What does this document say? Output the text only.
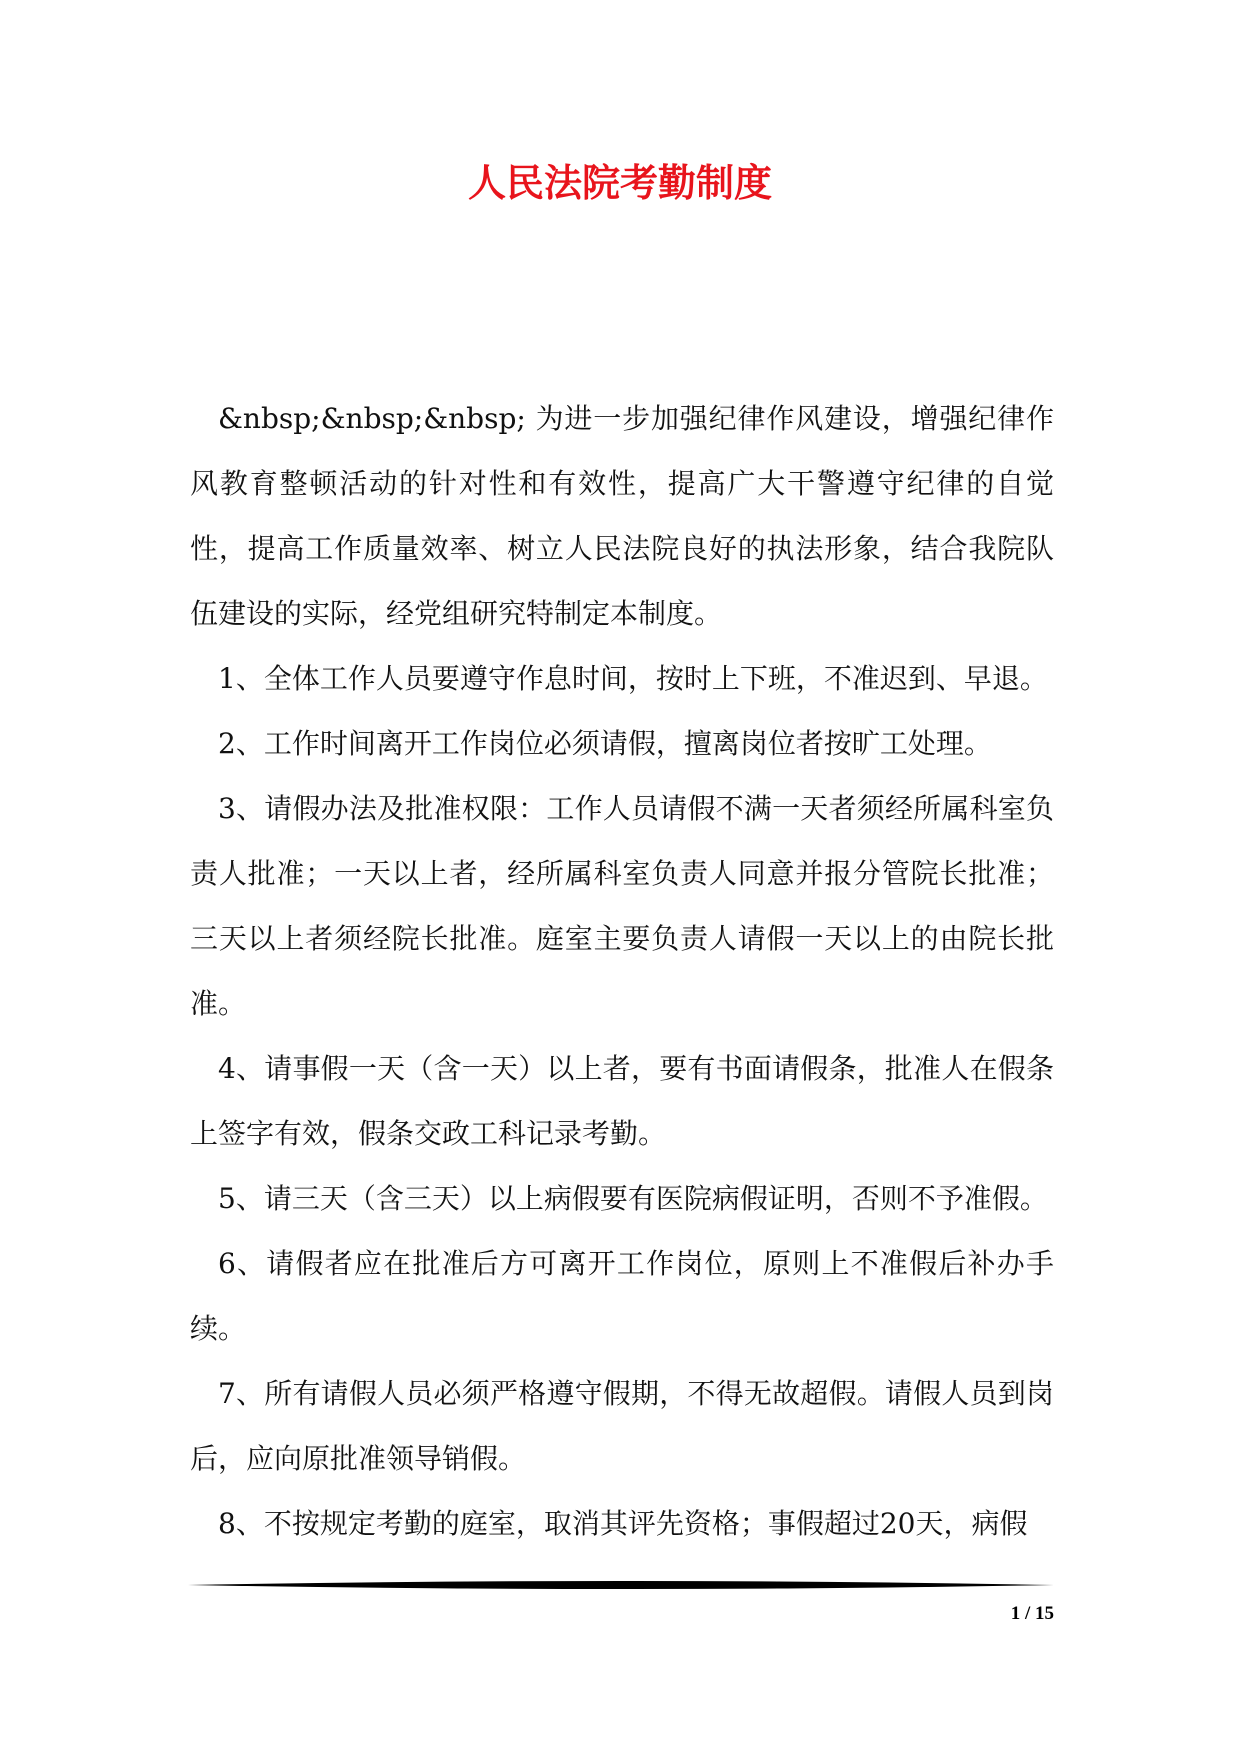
人民法院考勤制度

&nbsp;&nbsp;&nbsp; 为进一步加强纪律作风建设，增强纪律作风教育整顿活动的针对性和有效性，提高广大干警遵守纪律的自觉性，提高工作质量效率、树立人民法院良好的执法形象，结合我院队伍建设的实际，经党组研究特制定本制度。

1、全体工作人员要遵守作息时间，按时上下班，不准迟到、早退。

2、工作时间离开工作岗位必须请假，擅离岗位者按旷工处理。

3、请假办法及批准权限：工作人员请假不满一天者须经所属科室负责人批准；一天以上者，经所属科室负责人同意并报分管院长批准；三天以上者须经院长批准。庭室主要负责人请假一天以上的由院长批准。

4、请事假一天（含一天）以上者，要有书面请假条，批准人在假条上签字有效，假条交政工科记录考勤。

5、请三天（含三天）以上病假要有医院病假证明，否则不予准假。

6、请假者应在批准后方可离开工作岗位，原则上不准假后补办手续。

7、所有请假人员必须严格遵守假期，不得无故超假。请假人员到岗后，应向原批准领导销假。

8、不按规定考勤的庭室，取消其评先资格；事假超过20天，病假

1 / 15
